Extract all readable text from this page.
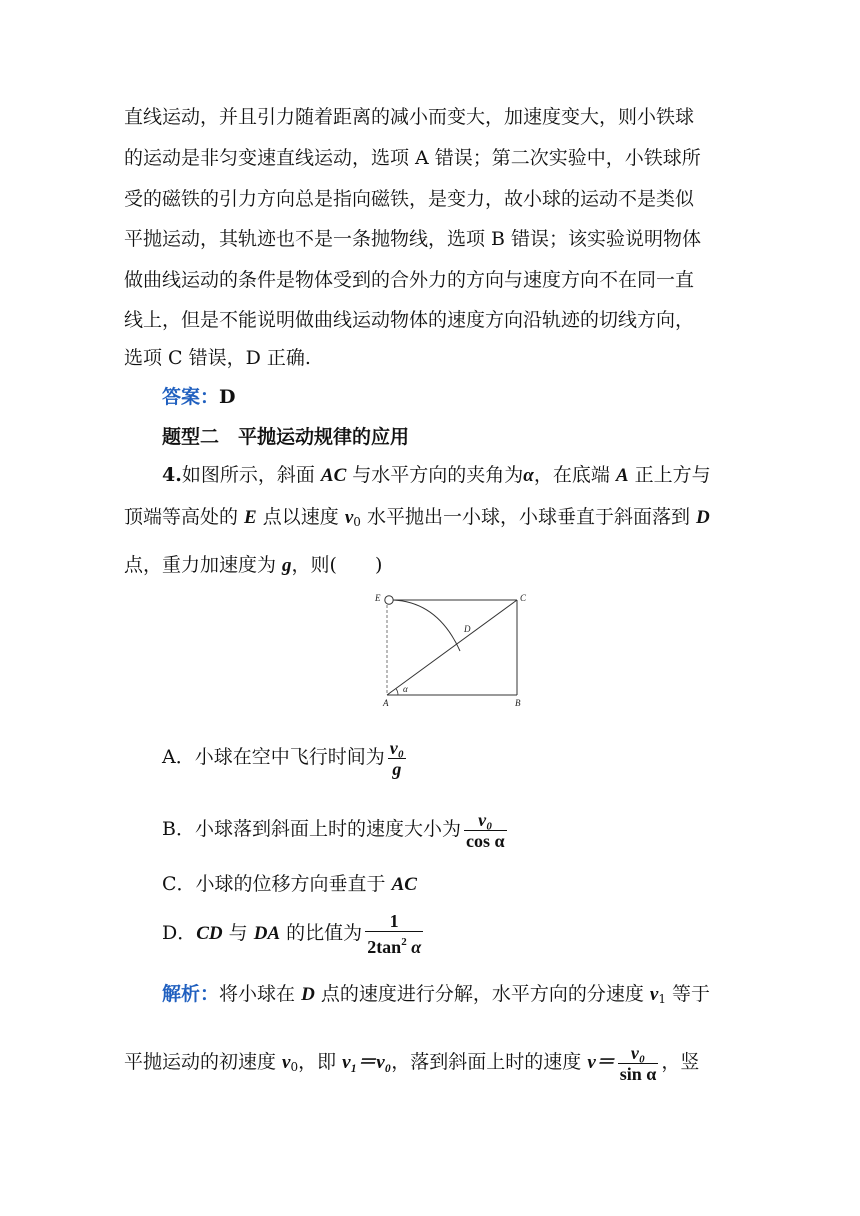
直线运动，并且引力随着距离的减小而变大，加速度变大，则小铁球
的运动是非匀变速直线运动，选项 A 错误；第二次实验中，小铁球所
受的磁铁的引力方向总是指向磁铁，是变力，故小球的运动不是类似
平抛运动，其轨迹也不是一条抛物线，选项 B 错误；该实验说明物体
做曲线运动的条件是物体受到的合外力的方向与速度方向不在同一直
线上，但是不能说明做曲线运动物体的速度方向沿轨迹的切线方向，
选项 C 错误，D 正确.
答案：D
题型二　平抛运动规律的应用
4.如图所示，斜面 AC 与水平方向的夹角为α，在底端 A 正上方与
顶端等高处的 E 点以速度 $v_0$ 水平抛出一小球，小球垂直于斜面落到 D
点，重力加速度为 g，则(　　)
E	C
D
A	B
α
A．小球在空中飞行时间为 $\frac{\text{v₀}}{g}$
B．小球落到斜面上时的速度大小为 $\frac{\text{v₀}}{\text{cos α}}$
C．小球的位移方向垂直于 AC
D．CD 与 DA 的比值为 $\frac{1}{2\tan^2 \alpha}$
解析：将小球在 D 点的速度进行分解，水平方向的分速度 $v_1$ 等于
平抛运动的初速度 $v_0$，即 v₁＝v₀，落到斜面上时的速度 $v= \frac{\text{v₀}}{\text{sin α}}$ ，竖
